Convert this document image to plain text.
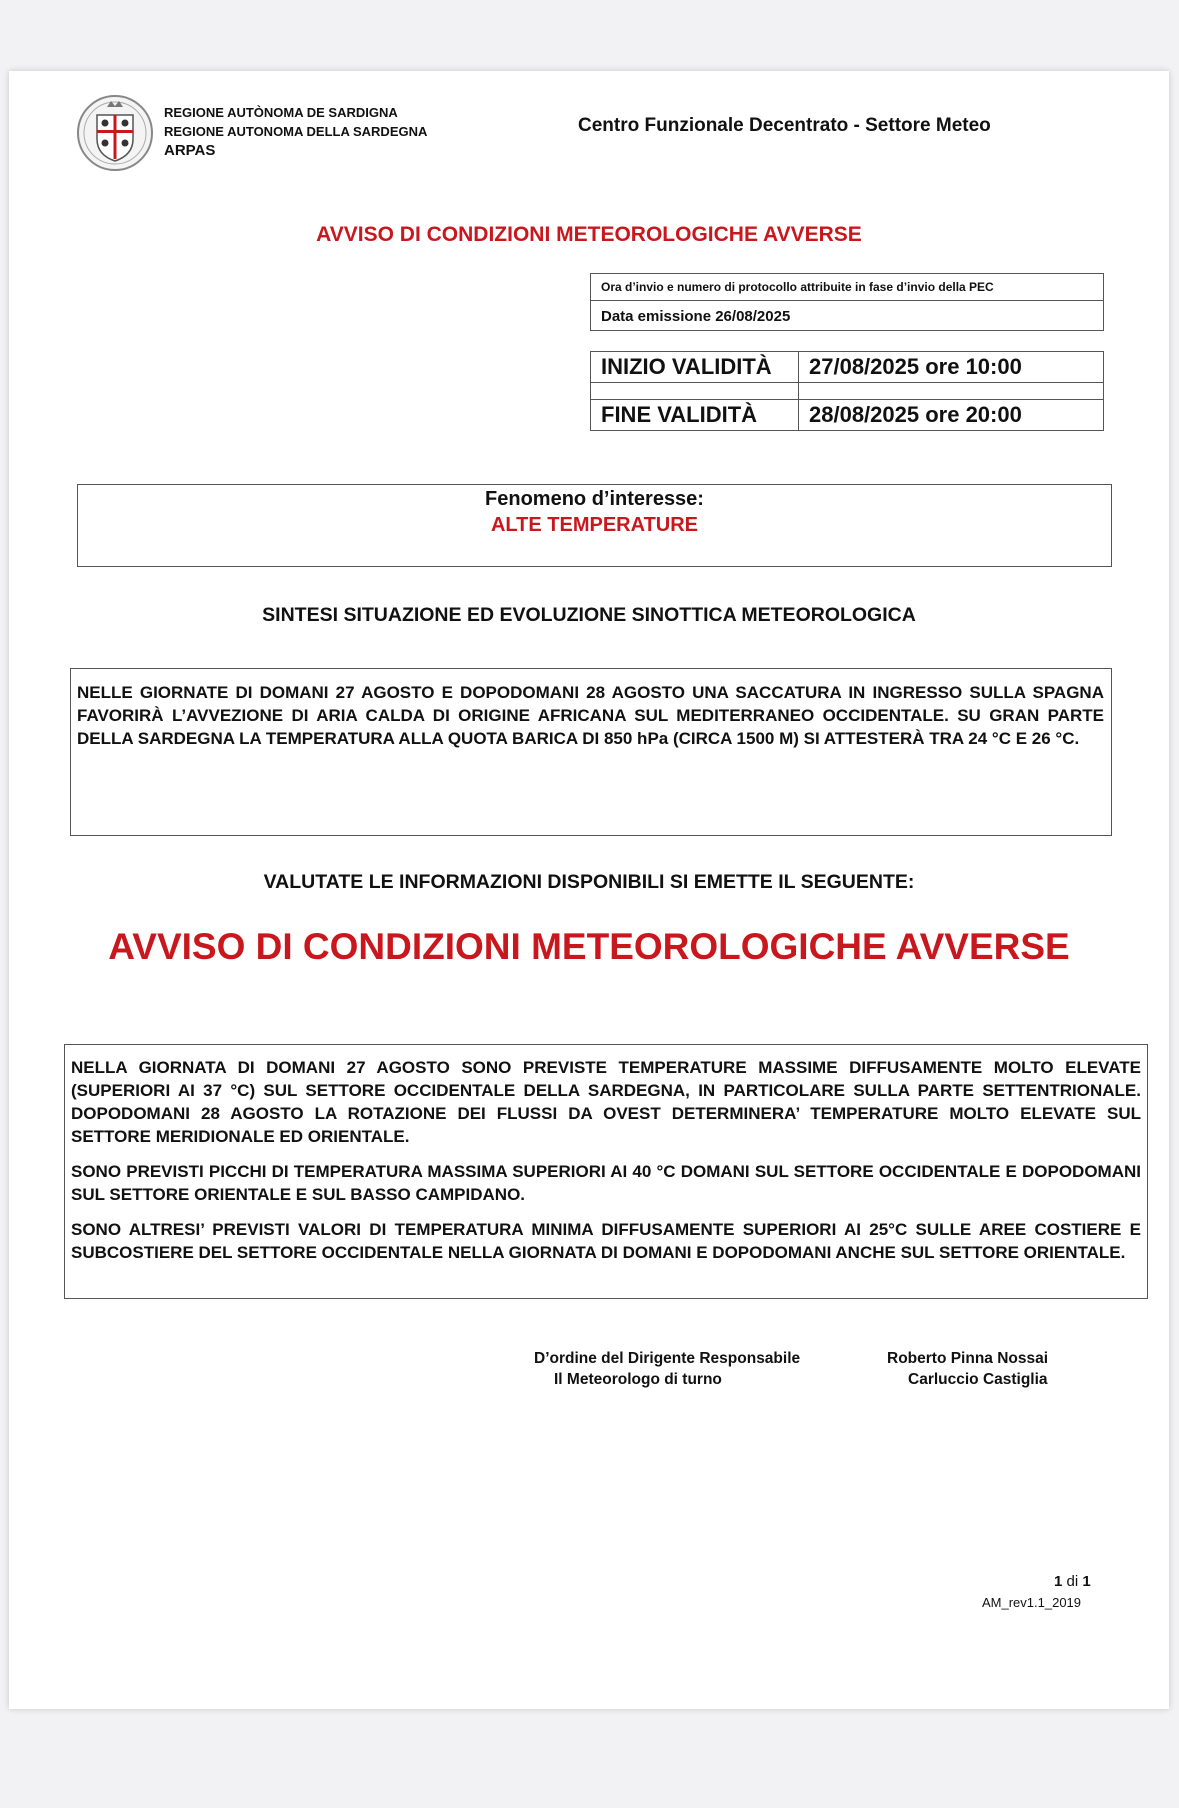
REGIONE AUTÒNOMA DE SARDIGNA
REGIONE AUTONOMA DELLA SARDEGNA
ARPAS
Centro Funzionale Decentrato - Settore Meteo
AVVISO DI CONDIZIONI METEOROLOGICHE AVVERSE
Ora d’invio e numero di protocollo attribuite in fase d’invio della PEC
Data emissione 26/08/2025
INIZIO VALIDITÀ 27/08/2025 ore 10:00
FINE VALIDITÀ 28/08/2025 ore 20:00
Fenomeno d’interesse:
ALTE TEMPERATURE
SINTESI SITUAZIONE ED EVOLUZIONE SINOTTICA METEOROLOGICA

NELLE GIORNATE DI DOMANI 27 AGOSTO E DOPODOMANI 28 AGOSTO UNA SACCATURA IN INGRESSO SULLA SPAGNA FAVORIRÀ L’AVVEZIONE DI ARIA CALDA DI ORIGINE AFRICANA SUL MEDITERRANEO OCCIDENTALE. SU GRAN PARTE DELLA SARDEGNA LA TEMPERATURA ALLA QUOTA BARICA DI 850 hPa (CIRCA 1500 M) SI ATTESTERÀ TRA 24 °C E 26 °C.

VALUTATE LE INFORMAZIONI DISPONIBILI SI EMETTE IL SEGUENTE:
AVVISO DI CONDIZIONI METEOROLOGICHE AVVERSE

NELLA GIORNATA DI DOMANI 27 AGOSTO SONO PREVISTE TEMPERATURE MASSIME DIFFUSAMENTE MOLTO ELEVATE (SUPERIORI AI 37 °C) SUL SETTORE OCCIDENTALE DELLA SARDEGNA, IN PARTICOLARE SULLA PARTE SETTENTRIONALE. DOPODOMANI 28 AGOSTO LA ROTAZIONE DEI FLUSSI DA OVEST DETERMINERA’ TEMPERATURE MOLTO ELEVATE SUL SETTORE MERIDIONALE ED ORIENTALE.

SONO PREVISTI PICCHI DI TEMPERATURA MASSIMA SUPERIORI AI 40 °C DOMANI SUL SETTORE OCCIDENTALE E DOPODOMANI SUL SETTORE ORIENTALE E SUL BASSO CAMPIDANO.

SONO ALTRESI’ PREVISTI VALORI DI TEMPERATURA MINIMA DIFFUSAMENTE SUPERIORI AI 25°C SULLE AREE COSTIERE E SUBCOSTIERE DEL SETTORE OCCIDENTALE NELLA GIORNATA DI DOMANI E DOPODOMANI ANCHE SUL SETTORE ORIENTALE.

D’ordine del Dirigente Responsabile
Il Meteorologo di turno
Roberto Pinna Nossai
Carluccio Castiglia
1 di 1
AM_rev1.1_2019
